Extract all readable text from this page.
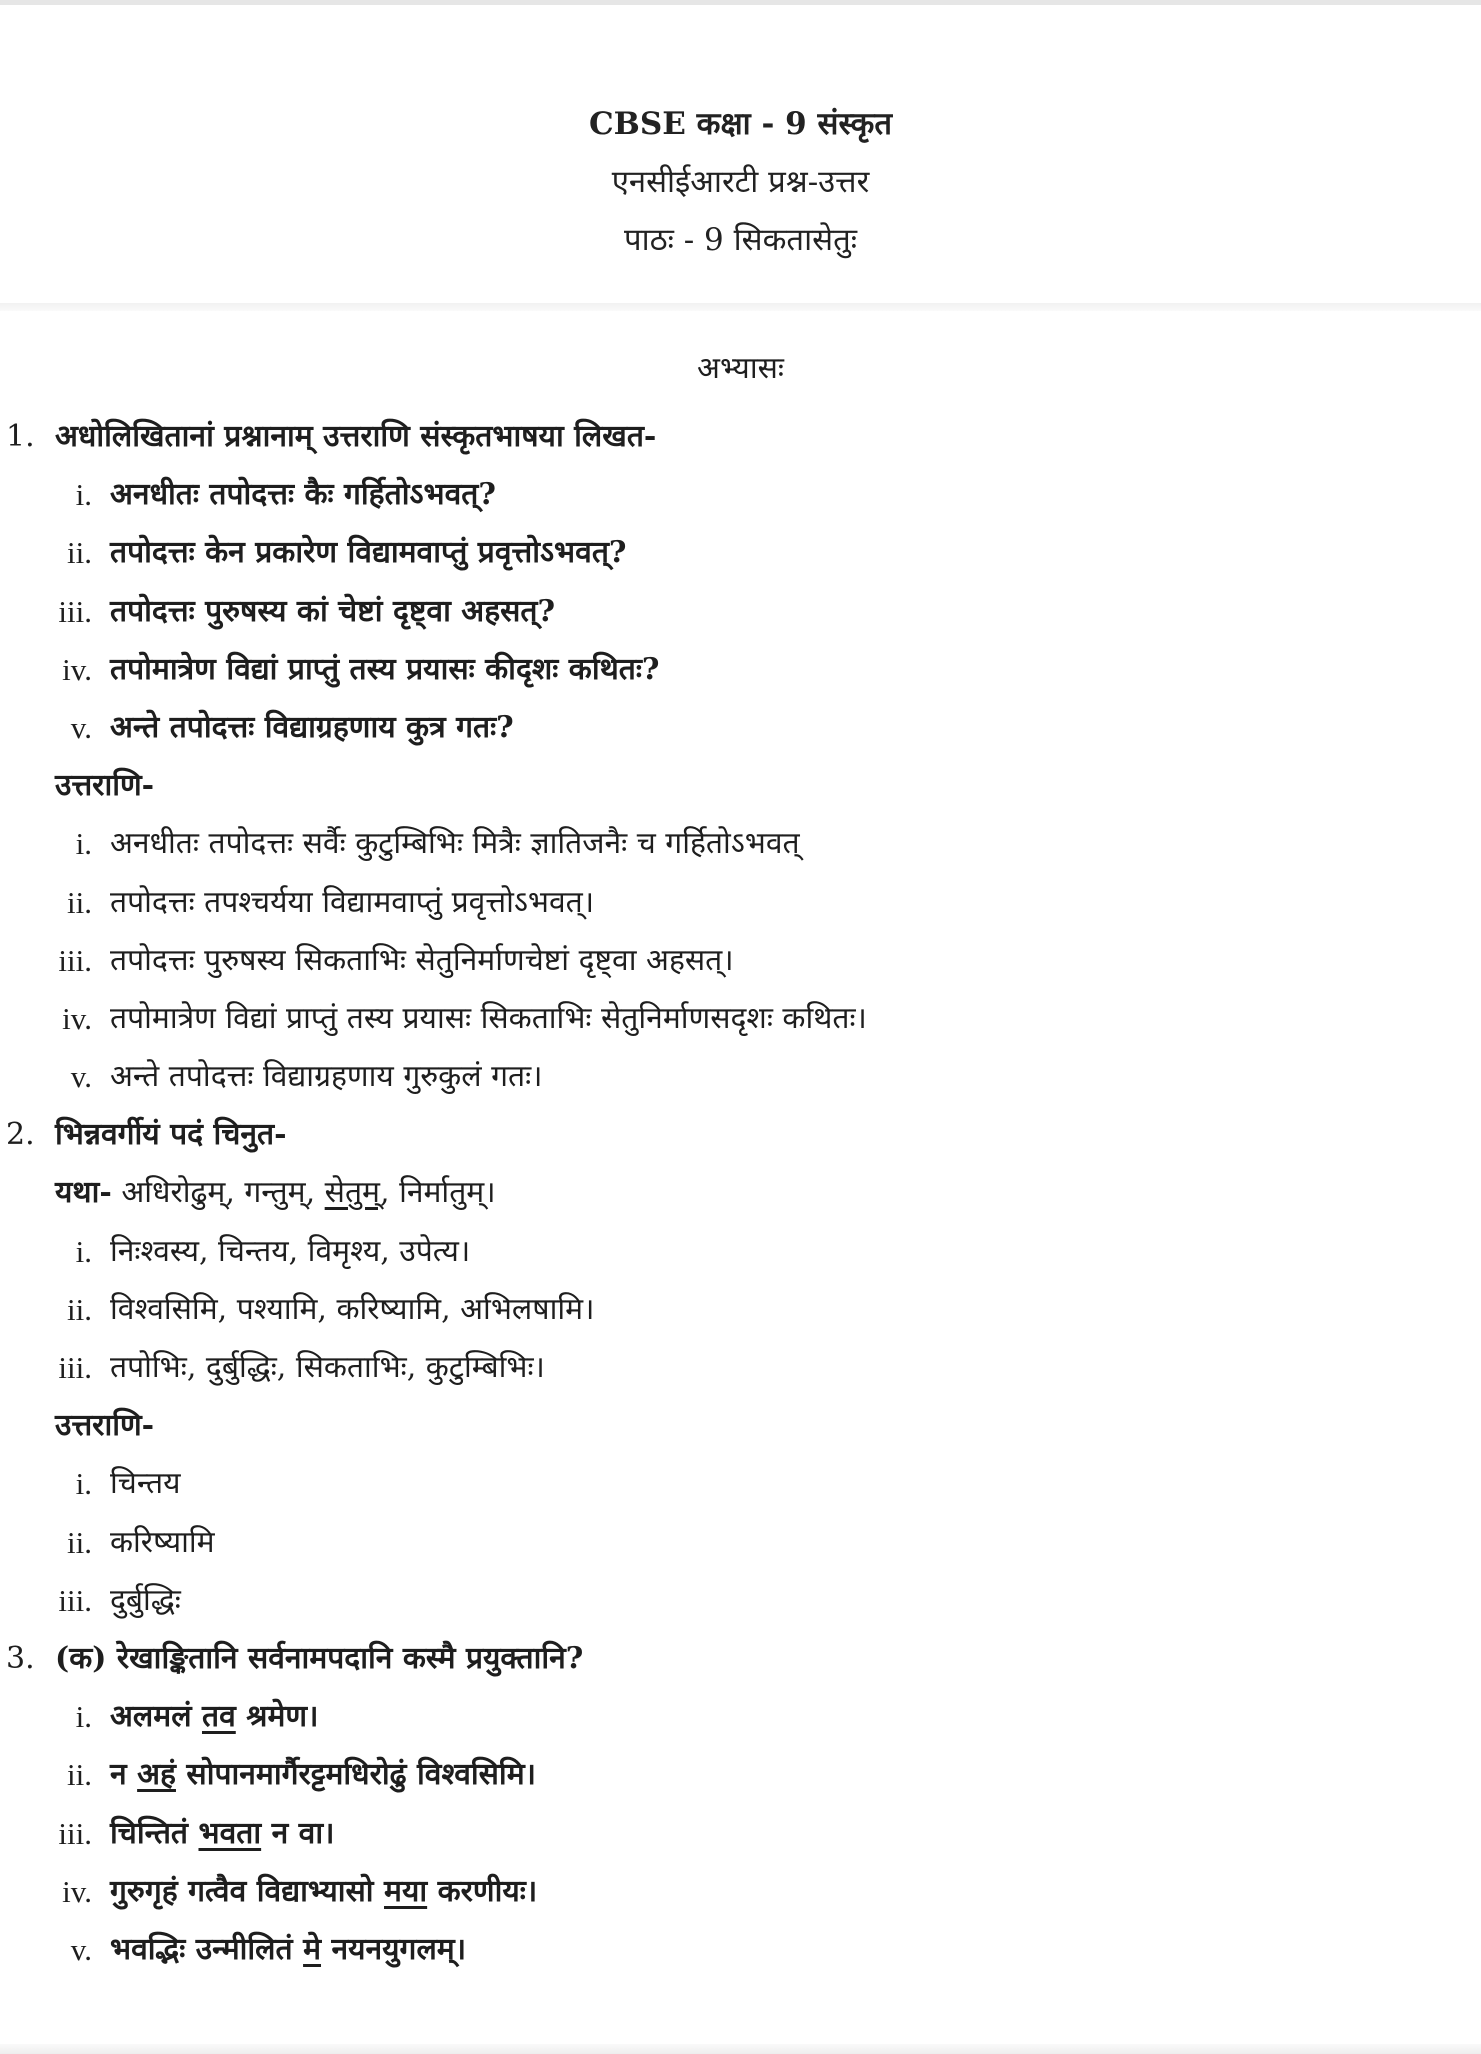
CBSE कक्षा - 9 संस्कृत
एनसीईआरटी प्रश्न-उत्तर
पाठः - 9 सिकतासेतुः
अभ्यासः
1. अधोलिखितानां प्रश्नानाम् उत्तराणि संस्कृतभाषया लिखत-
i. अनधीतः तपोदत्तः कैः गर्हितोऽभवत्?
ii. तपोदत्तः केन प्रकारेण विद्यामवाप्तुं प्रवृत्तोऽभवत्?
iii. तपोदत्तः पुरुषस्य कां चेष्टां दृष्ट्वा अहसत्?
iv. तपोमात्रेण विद्यां प्राप्तुं तस्य प्रयासः कीदृशः कथितः?
v. अन्ते तपोदत्तः विद्याग्रहणाय कुत्र गतः?
उत्तराणि-
i. अनधीतः तपोदत्तः सर्वैः कुटुम्बिभिः मित्रैः ज्ञातिजनैः च गर्हितोऽभवत्
ii. तपोदत्तः तपश्चर्यया विद्यामवाप्तुं प्रवृत्तोऽभवत्।
iii. तपोदत्तः पुरुषस्य सिकताभिः सेतुनिर्माणचेष्टां दृष्ट्वा अहसत्।
iv. तपोमात्रेण विद्यां प्राप्तुं तस्य प्रयासः सिकताभिः सेतुनिर्माणसदृशः कथितः।
v. अन्ते तपोदत्तः विद्याग्रहणाय गुरुकुलं गतः।
2. भिन्नवर्गीयं पदं चिनुत-
यथा- अधिरोढुम्, गन्तुम्, सेतुम्, निर्मातुम्।
i. निःश्वस्य, चिन्तय, विमृश्य, उपेत्य।
ii. विश्वसिमि, पश्यामि, करिष्यामि, अभिलषामि।
iii. तपोभिः, दुर्बुद्धिः, सिकताभिः, कुटुम्बिभिः।
उत्तराणि-
i. चिन्तय
ii. करिष्यामि
iii. दुर्बुद्धिः
3. (क) रेखाङ्कितानि सर्वनामपदानि कस्मै प्रयुक्तानि?
i. अलमलं तव श्रमेण।
ii. न अहं सोपानमार्गैरट्टमधिरोढुं विश्वसिमि।
iii. चिन्तितं भवता न वा।
iv. गुरुगृहं गत्वैव विद्याभ्यासो मया करणीयः।
v. भवद्भिः उन्मीलितं मे नयनयुगलम्।
